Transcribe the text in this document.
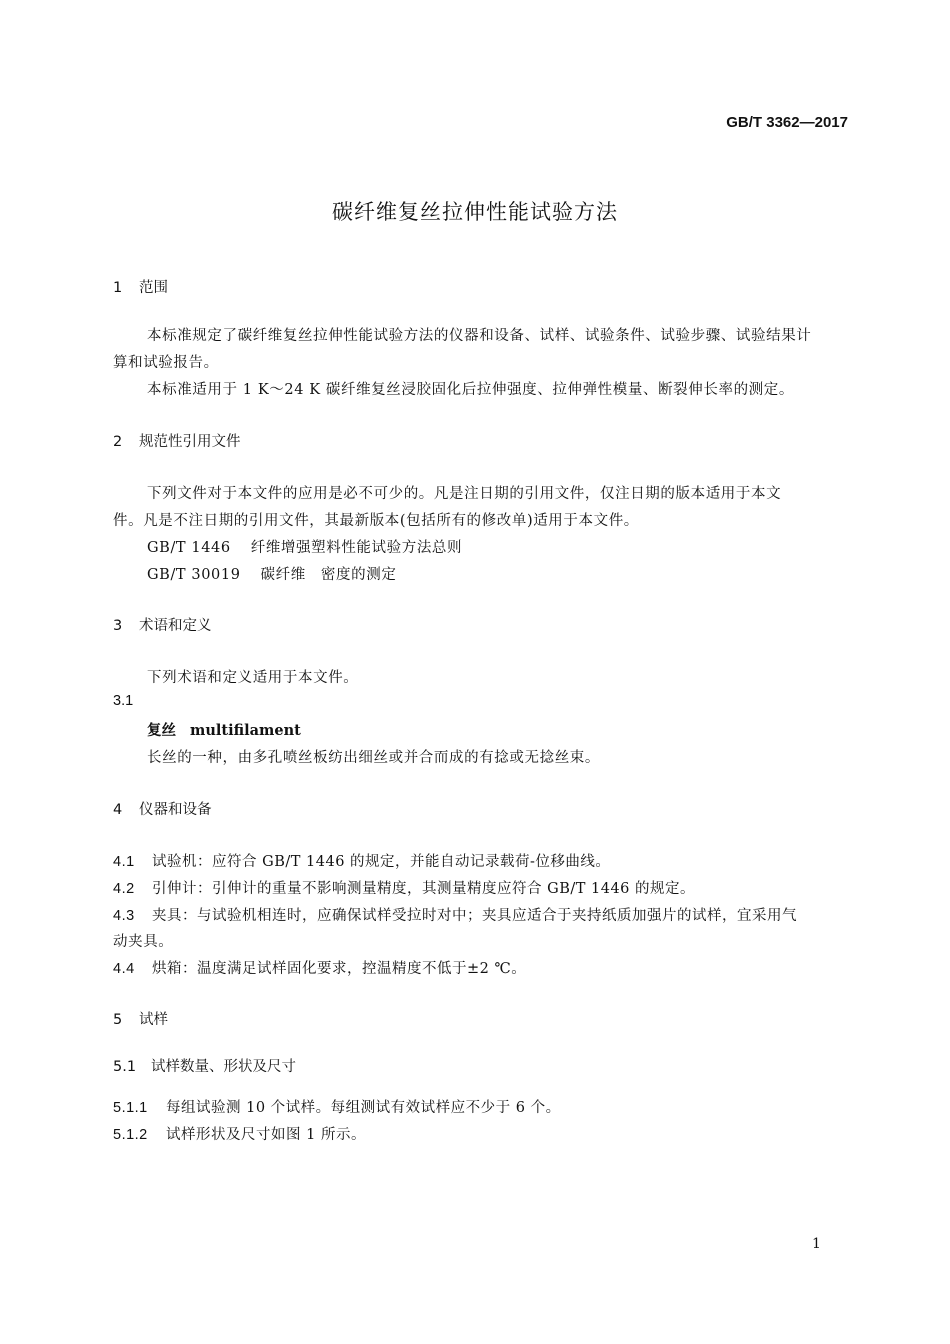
GB/T 3362—2017
碳纤维复丝拉伸性能试验方法
1 范围
本标准规定了碳纤维复丝拉伸性能试验方法的仪器和设备、试样、试验条件、试验步骤、试验结果计
算和试验报告。
本标准适用于 1 K～24 K 碳纤维复丝浸胶固化后拉伸强度、拉伸弹性模量、断裂伸长率的测定。
2 规范性引用文件
下列文件对于本文件的应用是必不可少的。凡是注日期的引用文件，仅注日期的版本适用于本文
件。凡是不注日期的引用文件，其最新版本(包括所有的修改单)适用于本文件。
GB/T 1446 纤维增强塑料性能试验方法总则
GB/T 30019 碳纤维　密度的测定
3 术语和定义
下列术语和定义适用于本文件。
3.1
复丝 multifilament
长丝的一种，由多孔喷丝板纺出细丝或并合而成的有捻或无捻丝束。
4 仪器和设备
4.1 试验机：应符合 GB/T 1446 的规定，并能自动记录载荷-位移曲线。
4.2 引伸计：引伸计的重量不影响测量精度，其测量精度应符合 GB/T 1446 的规定。
4.3 夹具：与试验机相连时，应确保试样受拉时对中；夹具应适合于夹持纸质加强片的试样，宜采用气
动夹具。
4.4 烘箱：温度满足试样固化要求，控温精度不低于±2 ℃。
5 试样
5.1 试样数量、形状及尺寸
5.1.1 每组试验测 10 个试样。每组测试有效试样应不少于 6 个。
5.1.2 试样形状及尺寸如图 1 所示。
1
